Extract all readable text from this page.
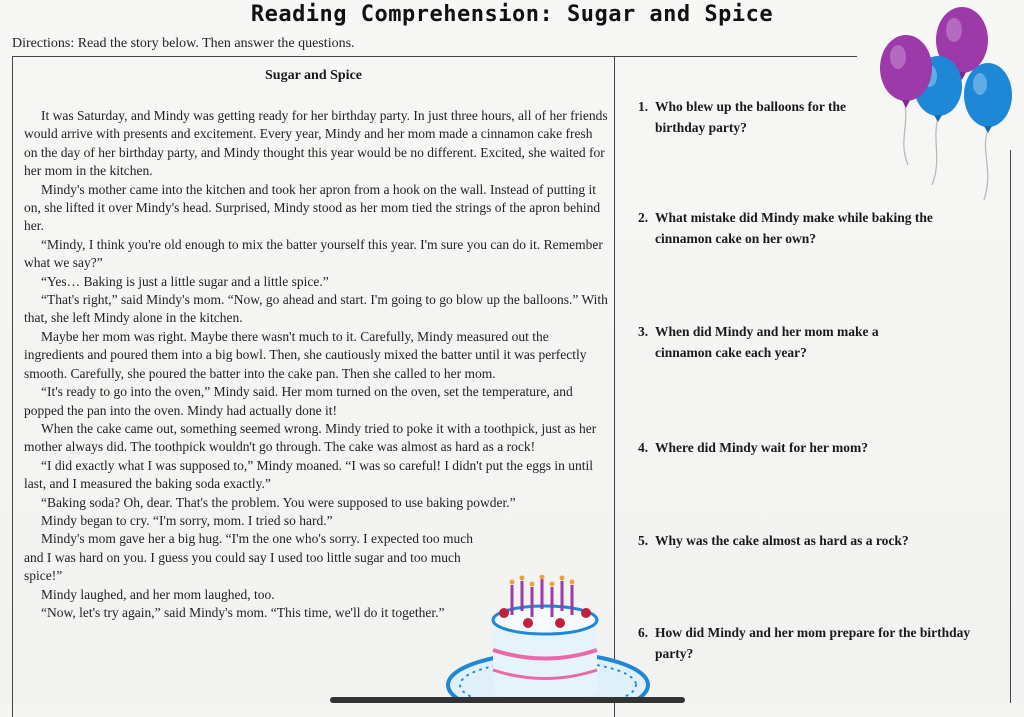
Reading Comprehension: Sugar and Spice
Directions: Read the story below. Then answer the questions.
Sugar and Spice

It was Saturday, and Mindy was getting ready for her birthday party. In just three hours, all of her friends would arrive with presents and excitement. Every year, Mindy and her mom made a cinnamon cake fresh on the day of her birthday party, and Mindy thought this year would be no different. Excited, she waited for her mom in the kitchen.

Mindy's mother came into the kitchen and took her apron from a hook on the wall. Instead of putting it on, she lifted it over Mindy's head. Surprised, Mindy stood as her mom tied the strings of the apron behind her.

“Mindy, I think you're old enough to mix the batter yourself this year. I'm sure you can do it. Remember what we say?”

“Yes… Baking is just a little sugar and a little spice.”

“That's right,” said Mindy's mom. “Now, go ahead and start. I'm going to go blow up the balloons.” With that, she left Mindy alone in the kitchen.

Maybe her mom was right. Maybe there wasn't much to it. Carefully, Mindy measured out the ingredients and poured them into a big bowl. Then, she cautiously mixed the batter until it was perfectly smooth. Carefully, she poured the batter into the cake pan. Then she called to her mom.

“It's ready to go into the oven,” Mindy said. Her mom turned on the oven, set the temperature, and popped the pan into the oven. Mindy had actually done it!

When the cake came out, something seemed wrong. Mindy tried to poke it with a toothpick, just as her mother always did. The toothpick wouldn't go through. The cake was almost as hard as a rock!

“I did exactly what I was supposed to,” Mindy moaned. “I was so careful! I didn't put the eggs in until last, and I measured the baking soda exactly.”

“Baking soda? Oh, dear. That's the problem. You were supposed to use baking powder.”

Mindy began to cry. “I'm sorry, mom. I tried so hard.”

Mindy's mom gave her a big hug. “I'm the one who's sorry. I expected too much and I was hard on you. I guess you could say I used too little sugar and too much spice!”

Mindy laughed, and her mom laughed, too.

“Now, let's try again,” said Mindy's mom. “This time, we'll do it together.”

1. Who blew up the balloons for the birthday party?
2. What mistake did Mindy make while baking the cinnamon cake on her own?
3. When did Mindy and her mom make a cinnamon cake each year?
4. Where did Mindy wait for her mom?
5. Why was the cake almost as hard as a rock?
6. How did Mindy and her mom prepare for the birthday party?
